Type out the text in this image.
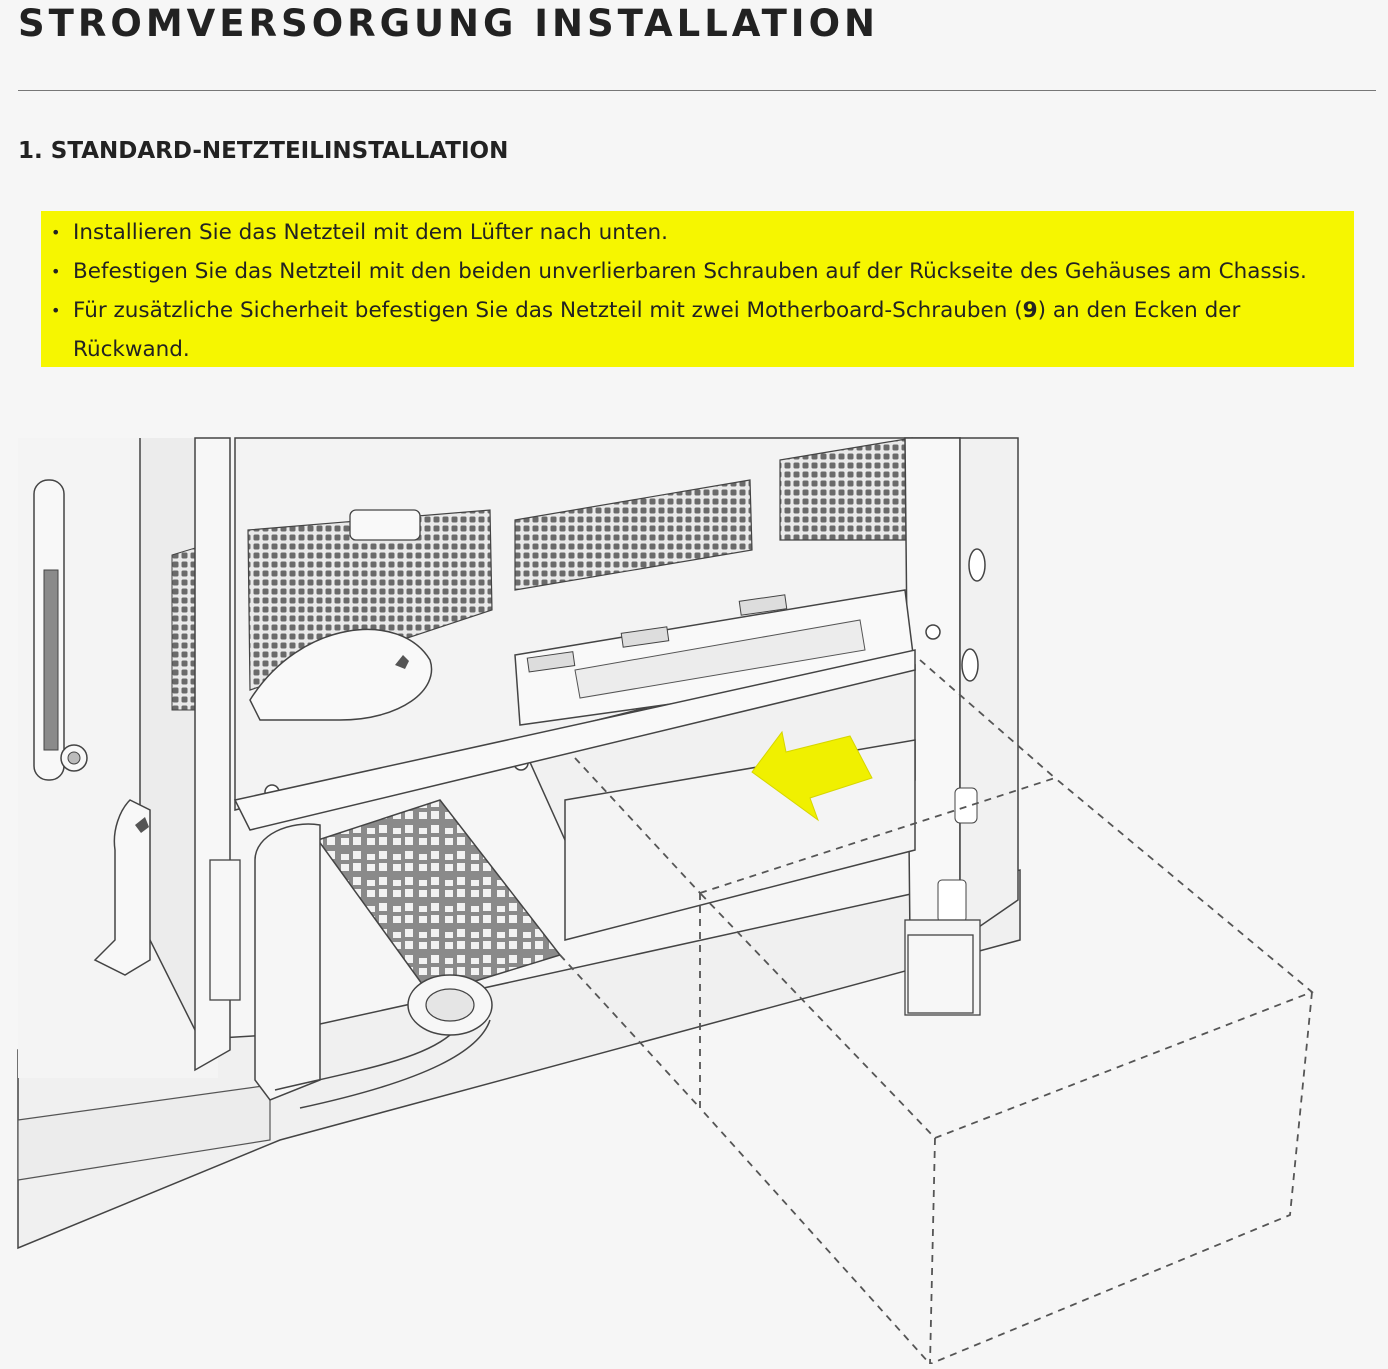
STROMVERSORGUNG INSTALLATION
1. STANDARD-NETZTEILINSTALLATION
• Installieren Sie das Netzteil mit dem Lüfter nach unten.
• Befestigen Sie das Netzteil mit den beiden unverlierbaren Schrauben auf der Rückseite des Gehäuses am Chassis.
• Für zusätzliche Sicherheit befestigen Sie das Netzteil mit zwei Motherboard-Schrauben (9) an den Ecken der
Rückwand.
